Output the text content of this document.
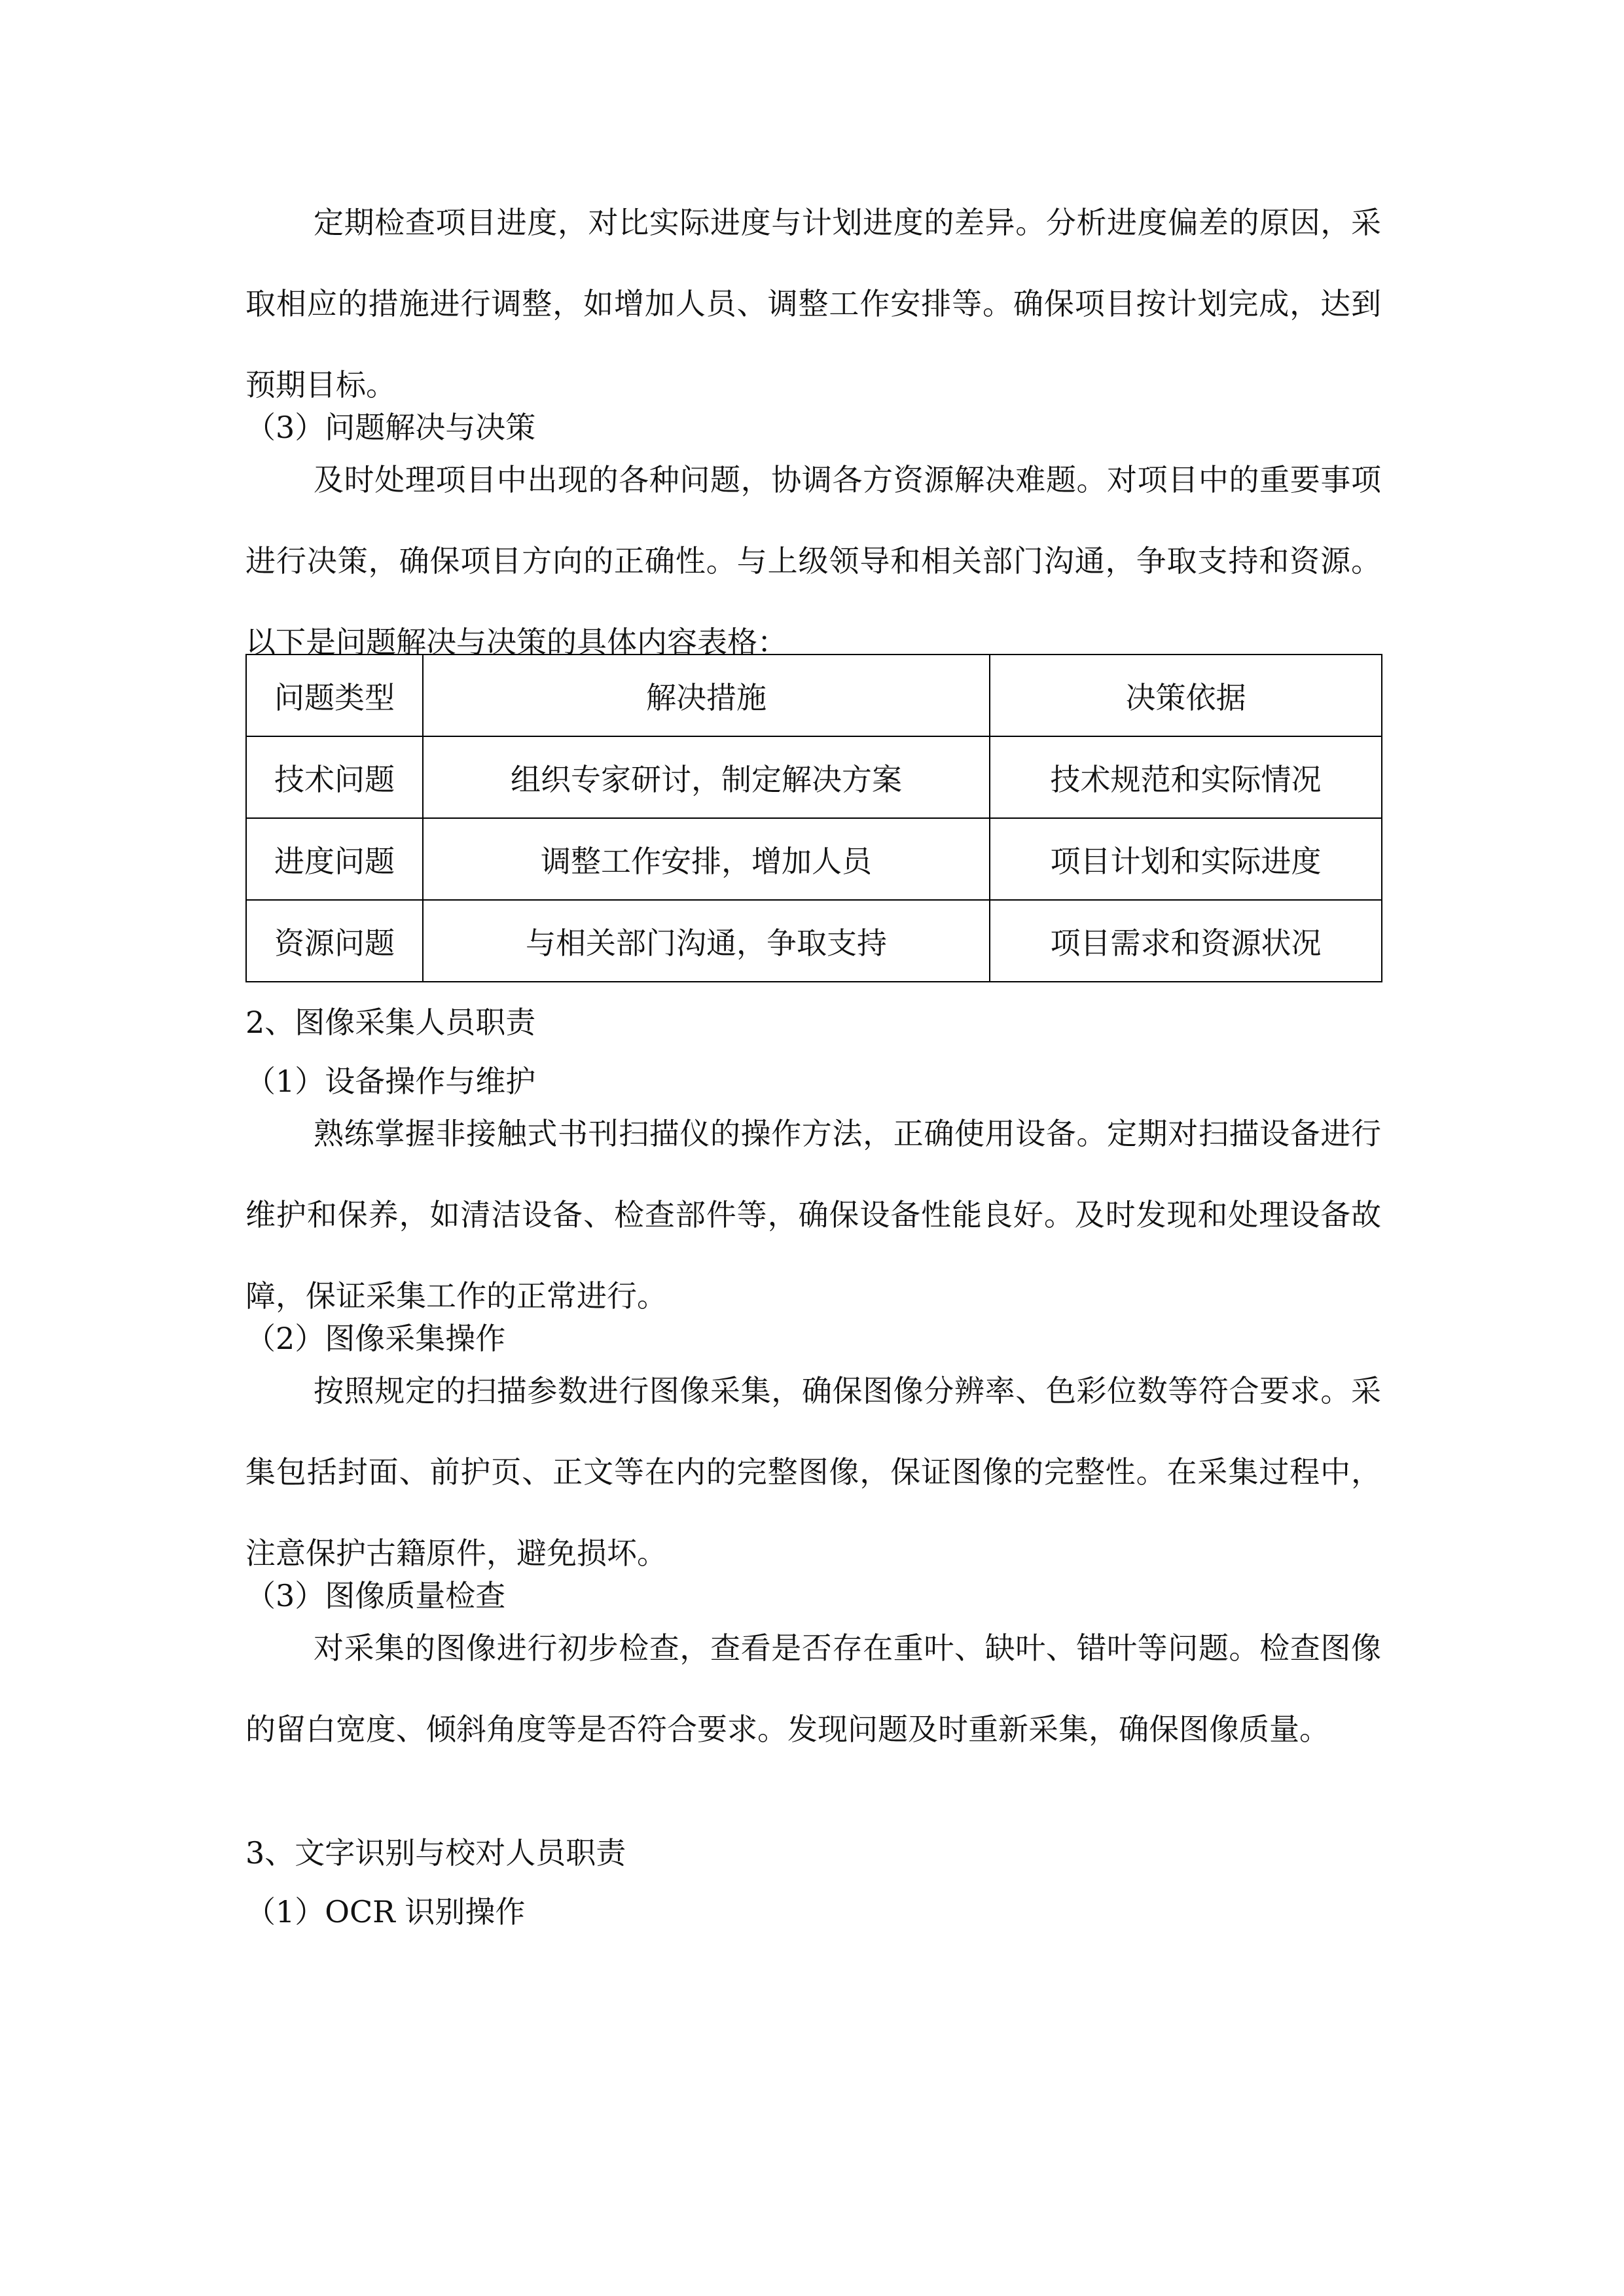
定期检查项目进度，对比实际进度与计划进度的差异。分析进度偏差的原因，采取相应的措施进行调整，如增加人员、调整工作安排等。确保项目按计划完成，达到预期目标。

（3）问题解决与决策

及时处理项目中出现的各种问题，协调各方资源解决难题。对项目中的重要事项进行决策，确保项目方向的正确性。与上级领导和相关部门沟通，争取支持和资源。以下是问题解决与决策的具体内容表格：

问题类型	解决措施	决策依据
技术问题	组织专家研讨，制定解决方案	技术规范和实际情况
进度问题	调整工作安排，增加人员	项目计划和实际进度
资源问题	与相关部门沟通，争取支持	项目需求和资源状况
2、图像采集人员职责
（1）设备操作与维护

熟练掌握非接触式书刊扫描仪的操作方法，正确使用设备。定期对扫描设备进行维护和保养，如清洁设备、检查部件等，确保设备性能良好。及时发现和处理设备故障，保证采集工作的正常进行。

（2）图像采集操作

按照规定的扫描参数进行图像采集，确保图像分辨率、色彩位数等符合要求。采集包括封面、前护页、正文等在内的完整图像，保证图像的完整性。在采集过程中，注意保护古籍原件，避免损坏。

（3）图像质量检查

对采集的图像进行初步检查，查看是否存在重叶、缺叶、错叶等问题。检查图像的留白宽度、倾斜角度等是否符合要求。发现问题及时重新采集，确保图像质量。

3、文字识别与校对人员职责
（1）OCR 识别操作
